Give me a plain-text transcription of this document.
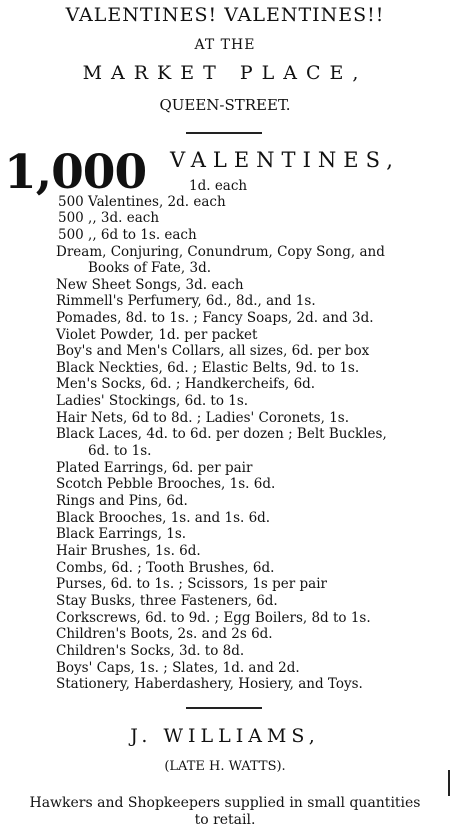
VALENTINES! VALENTINES!!
AT THE
MARKET PLACE,
QUEEN-STREET.
1,000 VALENTINES,
1d. each
500 Valentines, 2d. each
500 ,, 3d. each
500 ,, 6d to 1s. each
Dream, Conjuring, Conundrum, Copy Song, and
Books of Fate, 3d.
New Sheet Songs, 3d. each
Rimmell's Perfumery, 6d., 8d., and 1s.
Pomades, 8d. to 1s. ; Fancy Soaps, 2d. and 3d.
Violet Powder, 1d. per packet
Boy's and Men's Collars, all sizes, 6d. per box
Black Neckties, 6d. ; Elastic Belts, 9d. to 1s.
Men's Socks, 6d. ; Handkercheifs, 6d.
Ladies' Stockings, 6d. to 1s.
Hair Nets, 6d to 8d. ; Ladies' Coronets, 1s.
Black Laces, 4d. to 6d. per dozen ; Belt Buckles,
6d. to 1s.
Plated Earrings, 6d. per pair
Scotch Pebble Brooches, 1s. 6d.
Rings and Pins, 6d.
Black Brooches, 1s. and 1s. 6d.
Black Earrings, 1s.
Hair Brushes, 1s. 6d.
Combs, 6d. ; Tooth Brushes, 6d.
Purses, 6d. to 1s. ; Scissors, 1s per pair
Stay Busks, three Fasteners, 6d.
Corkscrews, 6d. to 9d. ; Egg Boilers, 8d to 1s.
Children's Boots, 2s. and 2s 6d.
Children's Socks, 3d. to 8d.
Boys' Caps, 1s. ; Slates, 1d. and 2d.
Stationery, Haberdashery, Hosiery, and Toys.
J. WILLIAMS,
(LATE H. WATTS).
Hawkers and Shopkeepers supplied in small quantities
to retail.
